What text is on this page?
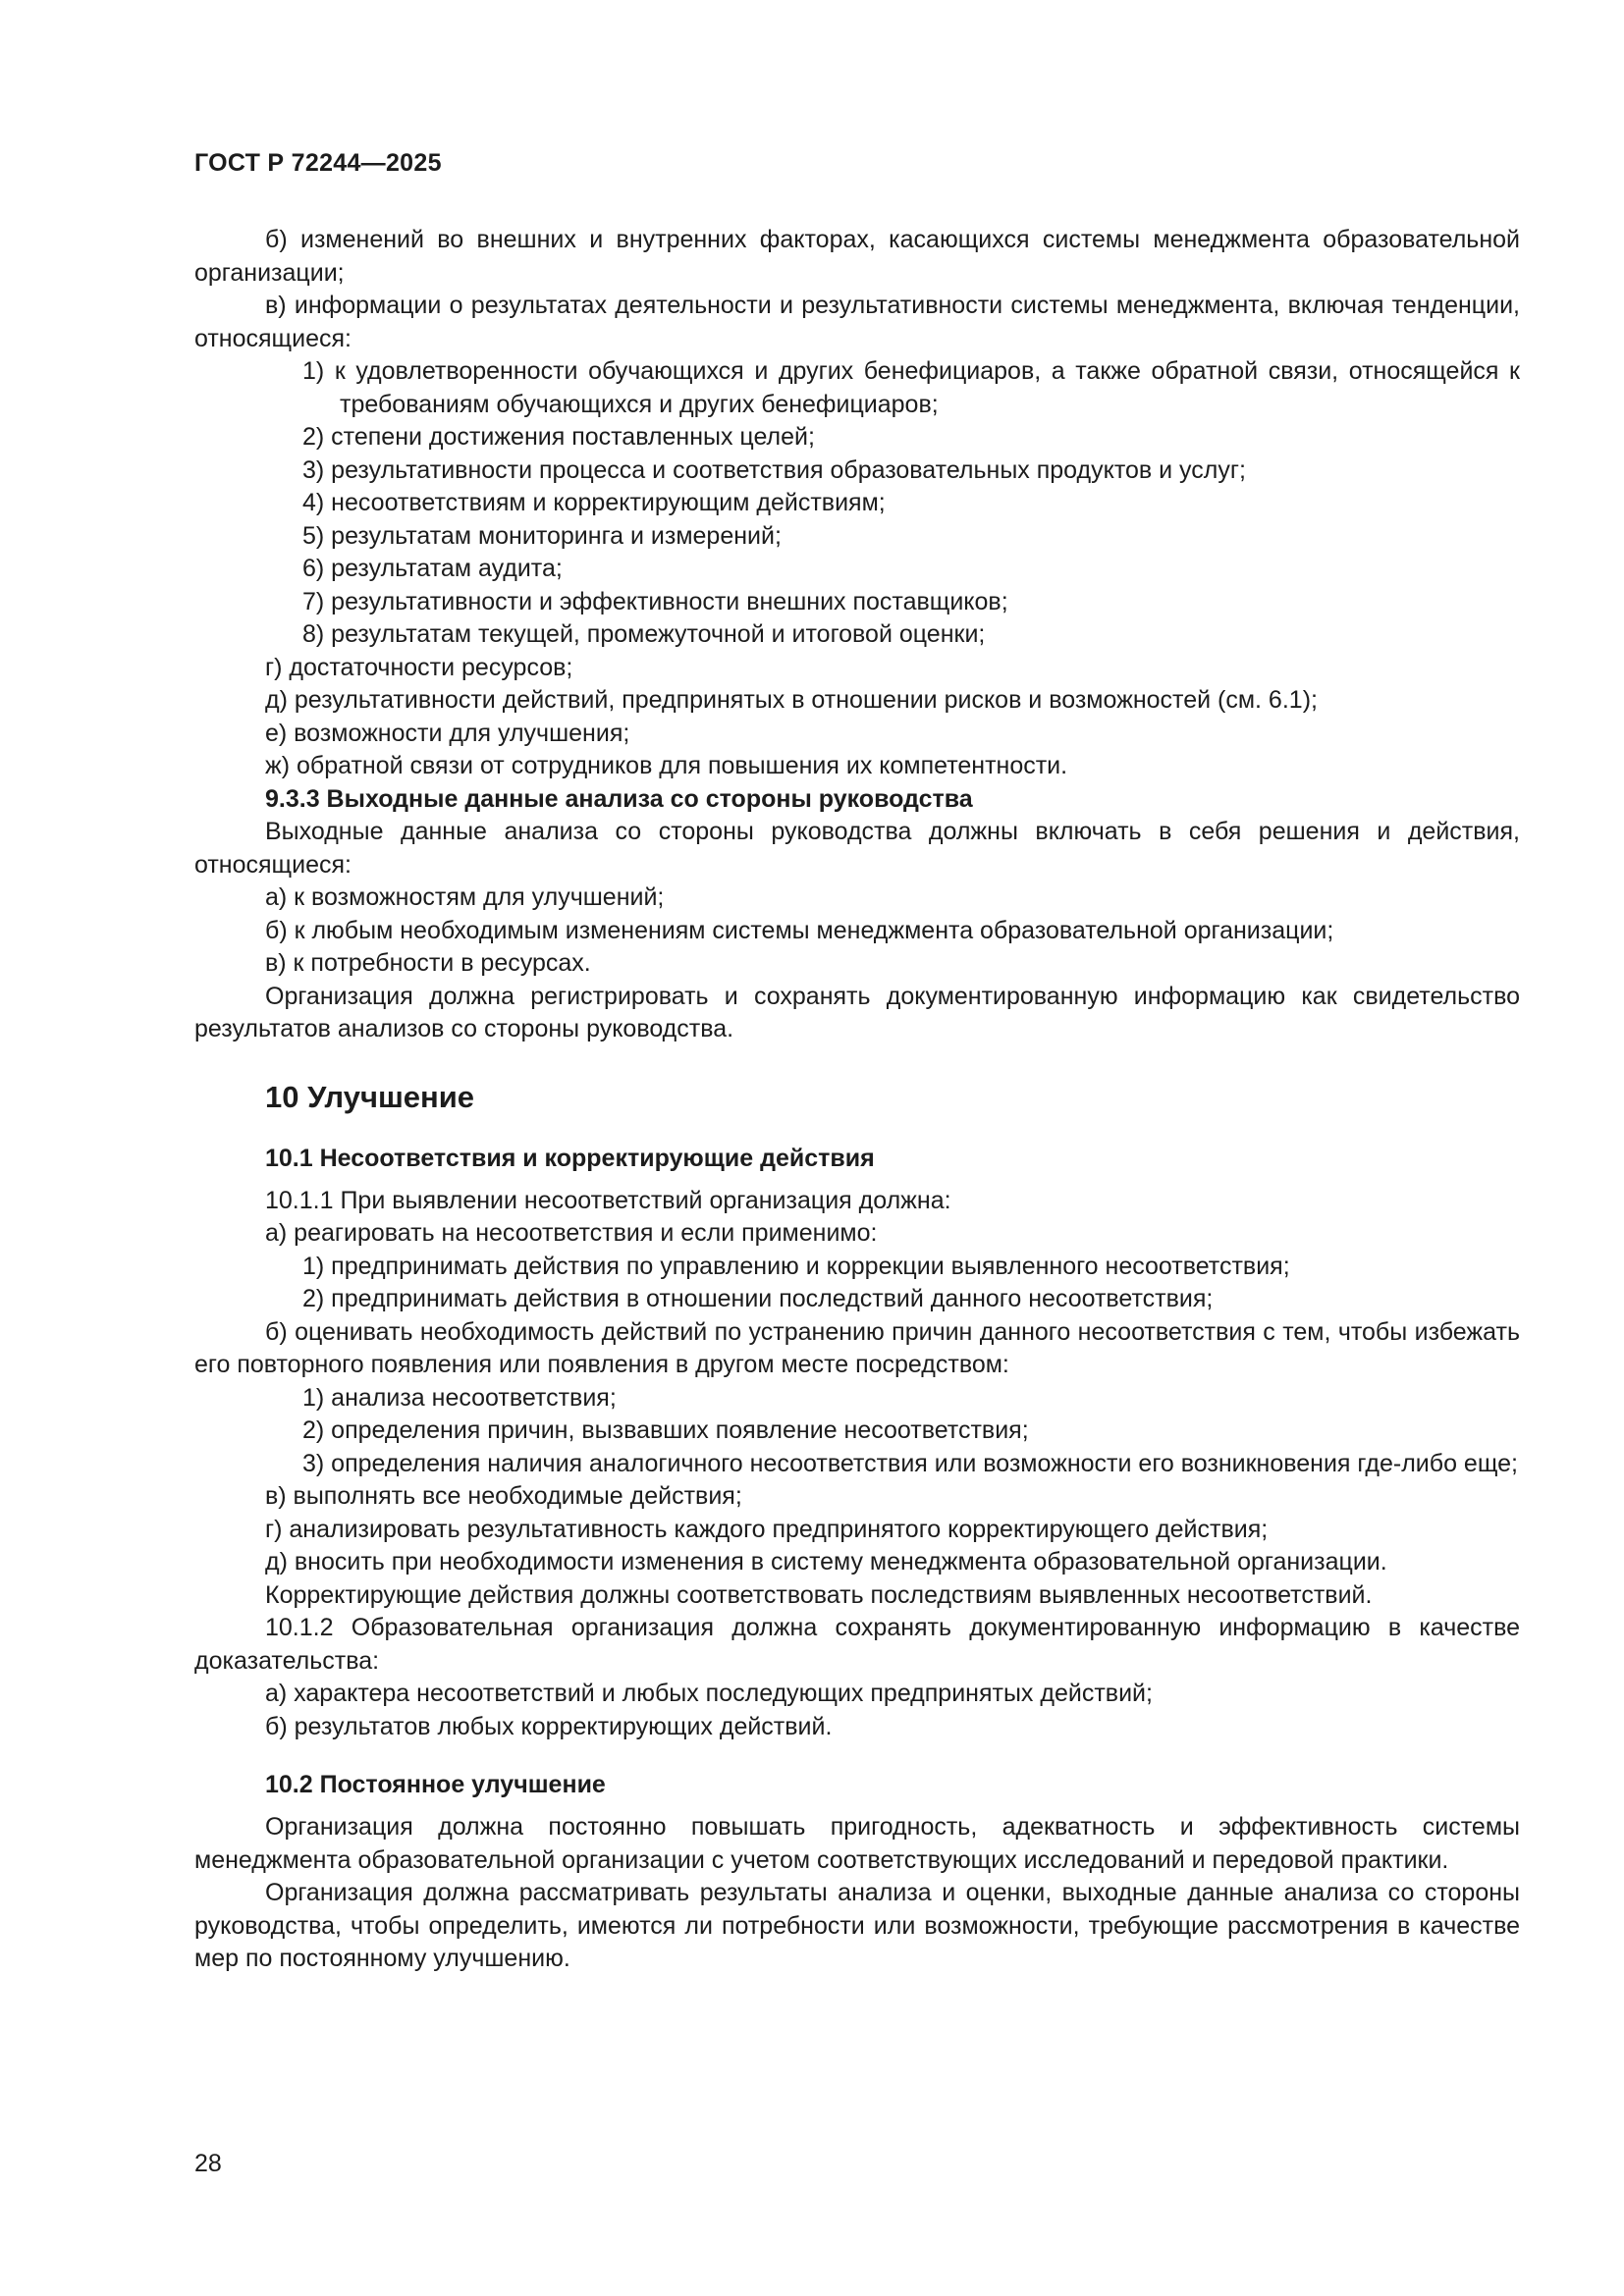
ГОСТ Р 72244—2025

б) изменений во внешних и внутренних факторах, касающихся системы менеджмента образовательной организации;

в) информации о результатах деятельности и результативности системы менеджмента, включая тенденции, относящиеся:

1) к удовлетворенности обучающихся и других бенефициаров, а также обратной связи, относящейся к требованиям обучающихся и других бенефициаров;

2) степени достижения поставленных целей;

3) результативности процесса и соответствия образовательных продуктов и услуг;

4) несоответствиям и корректирующим действиям;

5) результатам мониторинга и измерений;

6) результатам аудита;

7) результативности и эффективности внешних поставщиков;

8) результатам текущей, промежуточной и итоговой оценки;

г) достаточности ресурсов;

д) результативности действий, предпринятых в отношении рисков и возможностей (см. 6.1);

е) возможности для улучшения;

ж) обратной связи от сотрудников для повышения их компетентности.

9.3.3 Выходные данные анализа со стороны руководства

Выходные данные анализа со стороны руководства должны включать в себя решения и действия, относящиеся:

а) к возможностям для улучшений;

б) к любым необходимым изменениям системы менеджмента образовательной организации;

в) к потребности в ресурсах.

Организация должна регистрировать и сохранять документированную информацию как свидетельство результатов анализов со стороны руководства.

10 Улучшение
10.1 Несоответствия и корректирующие действия

10.1.1 При выявлении несоответствий организация должна:

а) реагировать на несоответствия и если применимо:

1) предпринимать действия по управлению и коррекции выявленного несоответствия;

2) предпринимать действия в отношении последствий данного несоответствия;

б) оценивать необходимость действий по устранению причин данного несоответствия с тем, чтобы избежать его повторного появления или появления в другом месте посредством:

1) анализа несоответствия;

2) определения причин, вызвавших появление несоответствия;

3) определения наличия аналогичного несоответствия или возможности его возникновения где-либо еще;

в) выполнять все необходимые действия;

г) анализировать результативность каждого предпринятого корректирующего действия;

д) вносить при необходимости изменения в систему менеджмента образовательной организации.

Корректирующие действия должны соответствовать последствиям выявленных несоответствий.

10.1.2 Образовательная организация должна сохранять документированную информацию в качестве доказательства:

а) характера несоответствий и любых последующих предпринятых действий;

б) результатов любых корректирующих действий.

10.2 Постоянное улучшение

Организация должна постоянно повышать пригодность, адекватность и эффективность системы менеджмента образовательной организации с учетом соответствующих исследований и передовой практики.

Организация должна рассматривать результаты анализа и оценки, выходные данные анализа со стороны руководства, чтобы определить, имеются ли потребности или возможности, требующие рассмотрения в качестве мер по постоянному улучшению.

28
